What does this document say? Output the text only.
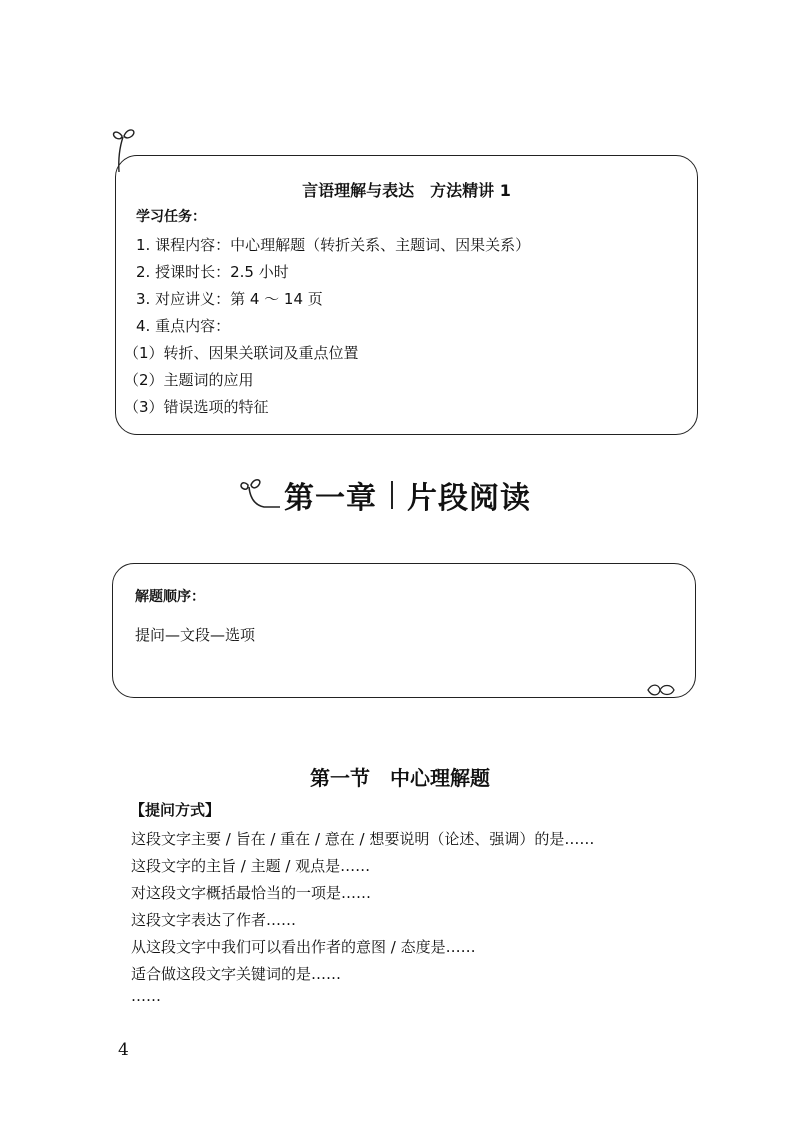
言语理解与表达　方法精讲 1
学习任务：
1. 课程内容：中心理解题（转折关系、主题词、因果关系）
2. 授课时长：2.5 小时
3. 对应讲义：第 4 ～ 14 页
4. 重点内容：
（1）转折、因果关联词及重点位置
（2）主题词的应用
（3）错误选项的特征
第一章 片段阅读
解题顺序：
提问—文段—选项
第一节　中心理解题
【提问方式】
这段文字主要 / 旨在 / 重在 / 意在 / 想要说明（论述、强调）的是……
这段文字的主旨 / 主题 / 观点是……
对这段文字概括最恰当的一项是……
这段文字表达了作者……
从这段文字中我们可以看出作者的意图 / 态度是……
适合做这段文字关键词的是……
……
4
